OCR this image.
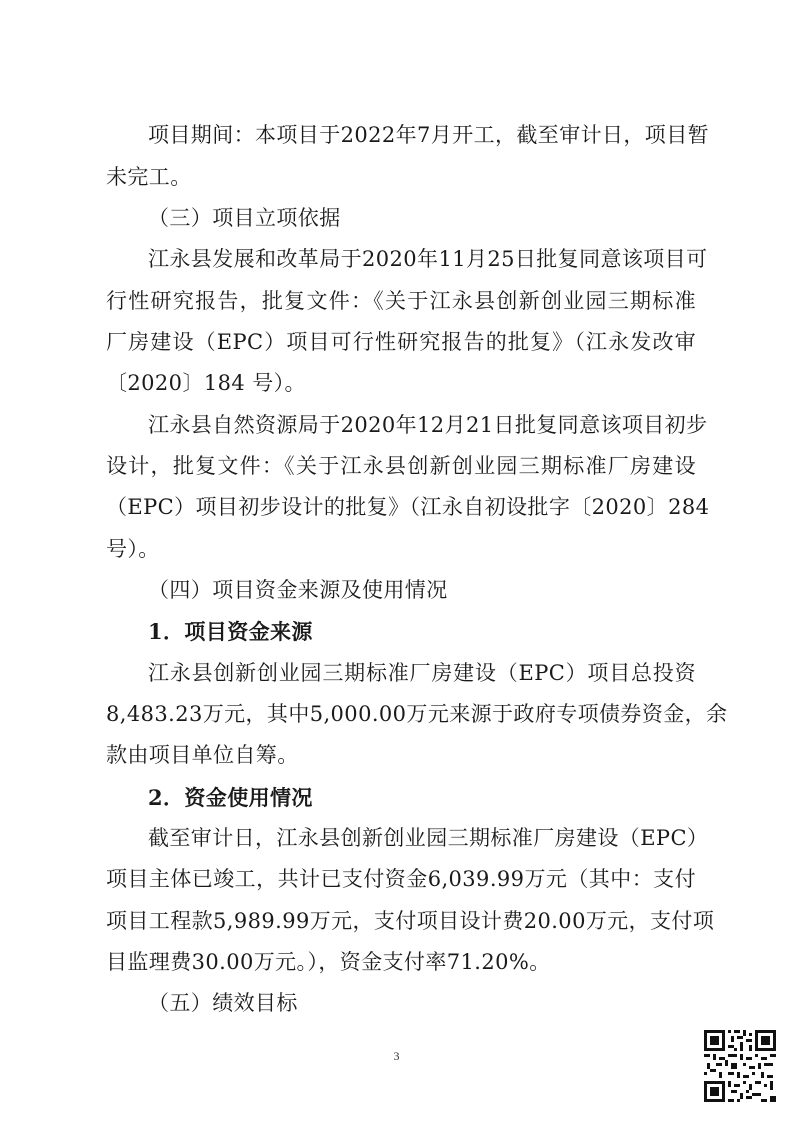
项目期间：本项目于2022年7月开工，截至审计日，项目暂
未完工。
（三）项目立项依据
江永县发展和改革局于2020年11月25日批复同意该项目可
行性研究报告，批复文件：《关于江永县创新创业园三期标准
厂房建设（EPC）项目可行性研究报告的批复》（江永发改审
〔2020〕184 号）。
江永县自然资源局于2020年12月21日批复同意该项目初步
设计，批复文件：《关于江永县创新创业园三期标准厂房建设
（EPC）项目初步设计的批复》（江永自初设批字〔2020〕284
号）。
（四）项目资金来源及使用情况
1．项目资金来源
江永县创新创业园三期标准厂房建设（EPC）项目总投资
8,483.23万元，其中5,000.00万元来源于政府专项债券资金，余
款由项目单位自筹。
2．资金使用情况
截至审计日，江永县创新创业园三期标准厂房建设（EPC）
项目主体已竣工，共计已支付资金6,039.99万元（其中：支付
项目工程款5,989.99万元，支付项目设计费20.00万元，支付项
目监理费30.00万元。），资金支付率71.20%。
（五）绩效目标
3
